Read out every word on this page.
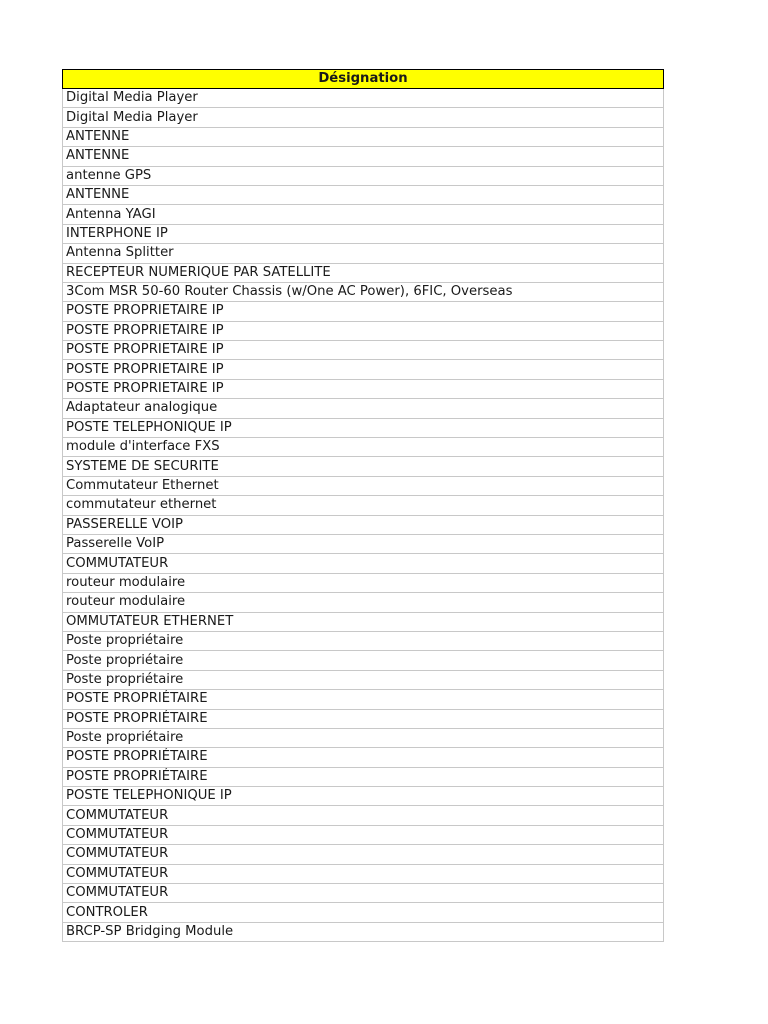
Désignation
Digital Media Player
Digital Media Player
ANTENNE
ANTENNE
antenne GPS
ANTENNE
Antenna YAGI
INTERPHONE IP
Antenna Splitter
RECEPTEUR NUMERIQUE PAR SATELLITE
3Com MSR 50-60 Router Chassis (w/One AC Power), 6FIC, Overseas
POSTE PROPRIETAIRE IP
POSTE PROPRIETAIRE IP
POSTE PROPRIETAIRE IP
POSTE PROPRIETAIRE IP
POSTE PROPRIETAIRE IP
Adaptateur analogique
POSTE TELEPHONIQUE IP
module d'interface FXS
SYSTEME DE SECURITE
Commutateur Ethernet
commutateur ethernet
PASSERELLE VOIP
Passerelle VoIP
COMMUTATEUR
routeur modulaire
routeur modulaire
OMMUTATEUR ETHERNET
Poste propriétaire
Poste propriétaire
Poste propriétaire
POSTE PROPRIÉTAIRE
POSTE PROPRIÉTAIRE
Poste propriétaire
POSTE PROPRIÉTAIRE
POSTE PROPRIÉTAIRE
POSTE TELEPHONIQUE IP
COMMUTATEUR
COMMUTATEUR
COMMUTATEUR
COMMUTATEUR
COMMUTATEUR
CONTROLER
BRCP-SP Bridging Module
